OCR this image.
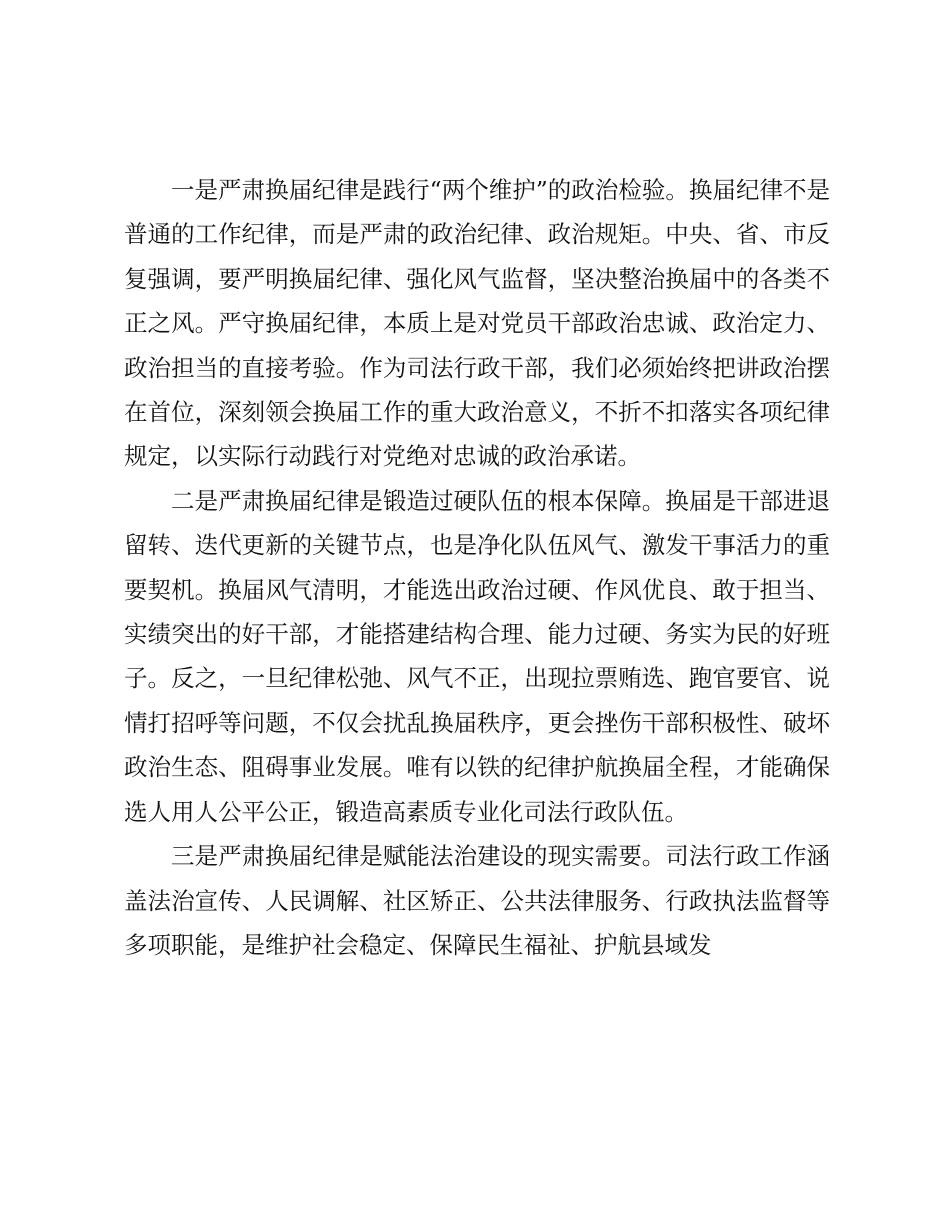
一是严肃换届纪律是践行“两个维护”的政治检验。换届纪律不是普通的工作纪律，而是严肃的政治纪律、政治规矩。中央、省、市反复强调，要严明换届纪律、强化风气监督，坚决整治换届中的各类不正之风。严守换届纪律，本质上是对党员干部政治忠诚、政治定力、政治担当的直接考验。作为司法行政干部，我们必须始终把讲政治摆在首位，深刻领会换届工作的重大政治意义，不折不扣落实各项纪律规定，以实际行动践行对党绝对忠诚的政治承诺。

二是严肃换届纪律是锻造过硬队伍的根本保障。换届是干部进退留转、迭代更新的关键节点，也是净化队伍风气、激发干事活力的重要契机。换届风气清明，才能选出政治过硬、作风优良、敢于担当、实绩突出的好干部，才能搭建结构合理、能力过硬、务实为民的好班子。反之，一旦纪律松弛、风气不正，出现拉票贿选、跑官要官、说情打招呼等问题，不仅会扰乱换届秩序，更会挫伤干部积极性、破坏政治生态、阻碍事业发展。唯有以铁的纪律护航换届全程，才能确保选人用人公平公正，锻造高素质专业化司法行政队伍。

三是严肃换届纪律是赋能法治建设的现实需要。司法行政工作涵盖法治宣传、人民调解、社区矫正、公共法律服务、行政执法监督等多项职能，是维护社会稳定、保障民生福祉、护航县域发
